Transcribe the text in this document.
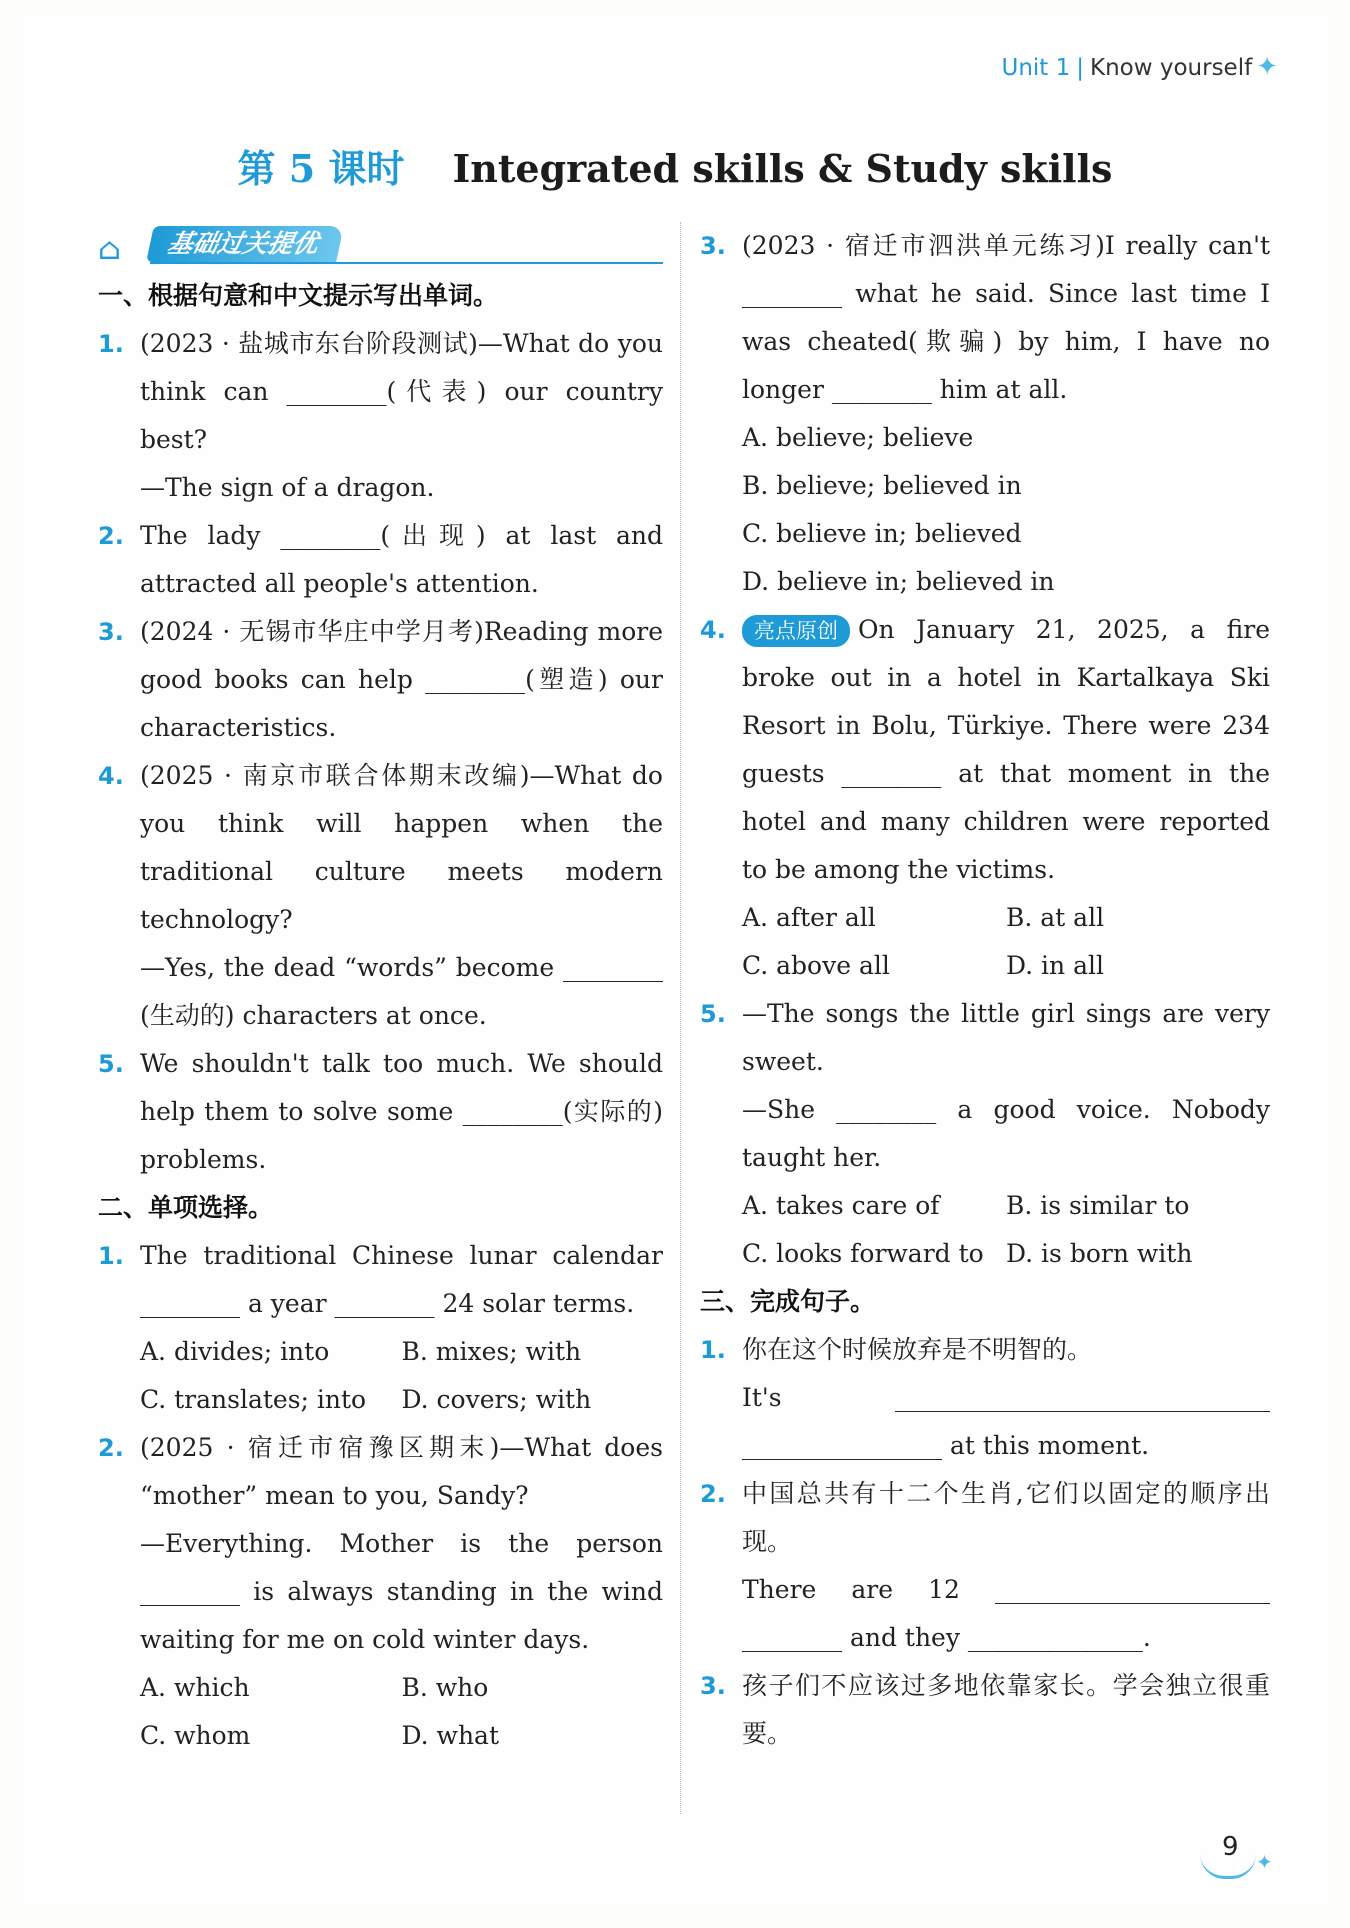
Unit 1 | Know yourself ✦
第 5 课时 Integrated skills & Study skills
⌂	基础过关提优
一、根据句意和中文提示写出单词。
1. (2023 · 盐城市东台阶段测试)—What do you think can ________(代表) our country best?
—The sign of a dragon.
2. The lady ________(出现) at last and attracted all people's attention.
3. (2024 · 无锡市华庄中学月考)Reading more good books can help ________(塑造) our characteristics.
4. (2025 · 南京市联合体期末改编)—What do you think will happen when the traditional culture meets modern technology?
—Yes, the dead “words” become ________ (生动的) characters at once.
5. We shouldn't talk too much. We should help them to solve some ________(实际的) problems.
二、单项选择。
1. The traditional Chinese lunar calendar ________ a year ________ 24 solar terms.
A. divides; into	B. mixes; with
C. translates; into	D. covers; with
2. (2025 · 宿迁市宿豫区期末)—What does “mother” mean to you, Sandy?
—Everything. Mother is the person ________ is always standing in the wind waiting for me on cold winter days.
A. which	B. who
C. whom	D. what
3. (2023 · 宿迁市泗洪单元练习)I really can't ________ what he said. Since last time I was cheated(欺骗) by him, I have no longer ________ him at all.
A. believe; believe
B. believe; believed in
C. believe in; believed
D. believe in; believed in
4.	亮点原创 On January 21, 2025, a fire broke out in a hotel in Kartalkaya Ski Resort in Bolu, Türkiye. There were 234 guests ________ at that moment in the hotel and many children were reported to be among the victims.
A. after all	B. at all
C. above all	D. in all
5. —The songs the little girl sings are very sweet.
—She ________ a good voice. Nobody taught her.
A. takes care of	B. is similar to
C. looks forward to D. is born with
三、完成句子。
1. 你在这个时候放弃是不明智的。
It's ______________________________ ________________ at this moment.
2. 中国总共有十二个生肖,它们以固定的顺序出现。
There are 12 ______________________ ________ and they ______________.
3. 孩子们不应该过多地依靠家长。学会独立很重要。
9 ✦
